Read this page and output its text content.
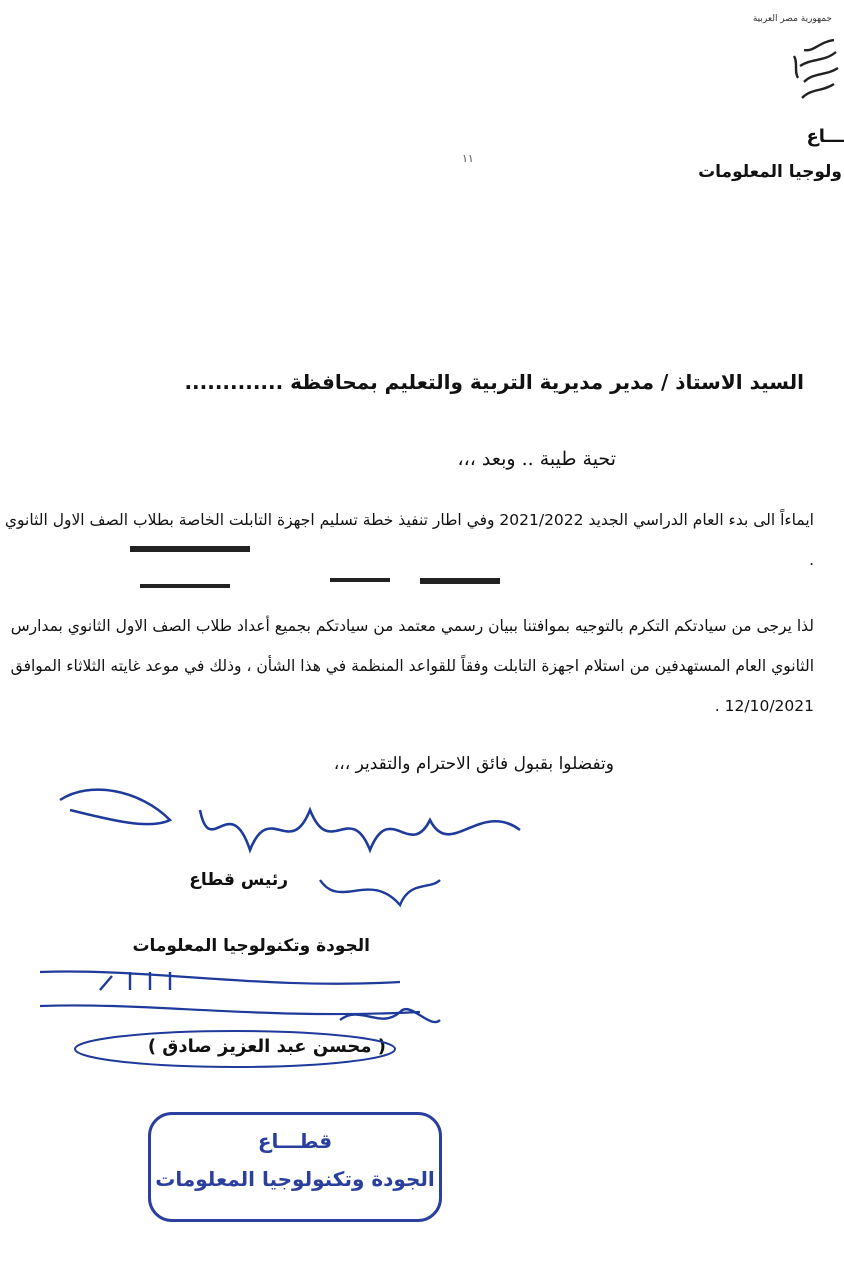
جمهورية مصر العربية
ـــاع
ولوجيا المعلومات
١١
السيد الاستاذ / مدير مديرية التربية والتعليم بمحافظة .............
تحية طيبة .. وبعد ،،،
ايماءاً الى بدء العام الدراسي الجديد 2021/2022 وفي اطار تنفيذ خطة تسليم اجهزة التابلت الخاصة بطلاب الصف الاول الثانوي .
لذا يرجى من سيادتكم التكرم بالتوجيه بموافتنا ببيان رسمي معتمد من سيادتكم بجميع أعداد طلاب الصف الاول الثانوي بمدارس الثانوي العام المستهدفين من استلام اجهزة التابلت وفقاً للقواعد المنظمة في هذا الشأن ، وذلك في موعد غايته الثلاثاء الموافق 12/10/2021 .
وتفضلوا بقبول فائق الاحترام والتقدير ،،،
رئيس قطاع
الجودة وتكنولوجيا المعلومات
( محسن عبد العزيز صادق )
قطـــاع
الجودة وتكنولوجيا المعلومات
